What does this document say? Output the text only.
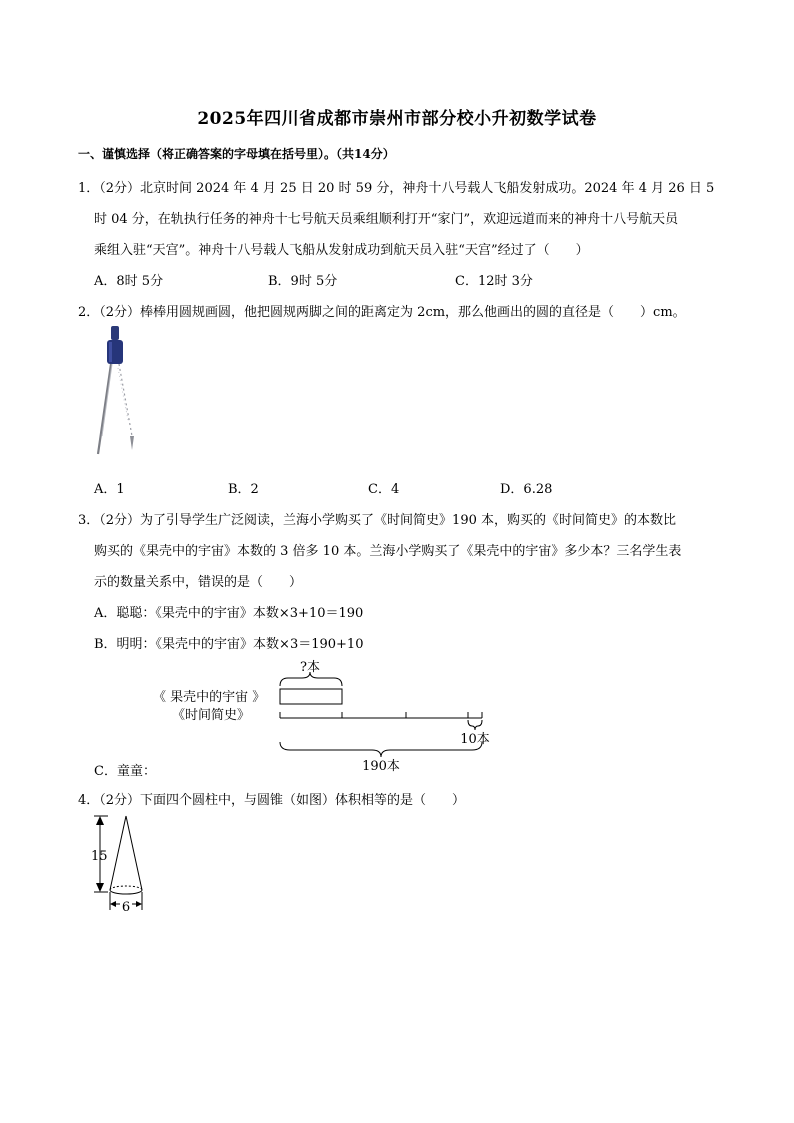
2025年四川省成都市崇州市部分校小升初数学试卷
一、谨慎选择（将正确答案的字母填在括号里）。（共14分）
1．（2分）北京时间 2024 年 4 月 25 日 20 时 59 分，神舟十八号载人飞船发射成功。2024 年 4 月 26 日 5
时 04 分，在轨执行任务的神舟十七号航天员乘组顺利打开“家门”，欢迎远道而来的神舟十八号航天员
乘组入驻“天宫”。神舟十八号载人飞船从发射成功到航天员入驻“天宫”经过了（　　）
A．8时 5分	B．9时 5分	C．12时 3分
2．（2分）棒棒用圆规画圆，他把圆规两脚之间的距离定为 2cm，那么他画出的圆的直径是（　　）cm。
A．1	B．2	C．4	D．6.28
3．（2分）为了引导学生广泛阅读，兰海小学购买了《时间简史》190 本，购买的《时间简史》的本数比
购买的《果壳中的宇宙》本数的 3 倍多 10 本。兰海小学购买了《果壳中的宇宙》多少本？三名学生表
示的数量关系中，错误的是（　　）
A．聪聪：《果壳中的宇宙》本数×3+10＝190
B．明明：《果壳中的宇宙》本数×3＝190+10
?本
《 果壳中的宇宙 》
《时间简史》
10本
190本
C．童童：
4．（2分）下面四个圆柱中，与圆锥（如图）体积相等的是（　　）
15
6
